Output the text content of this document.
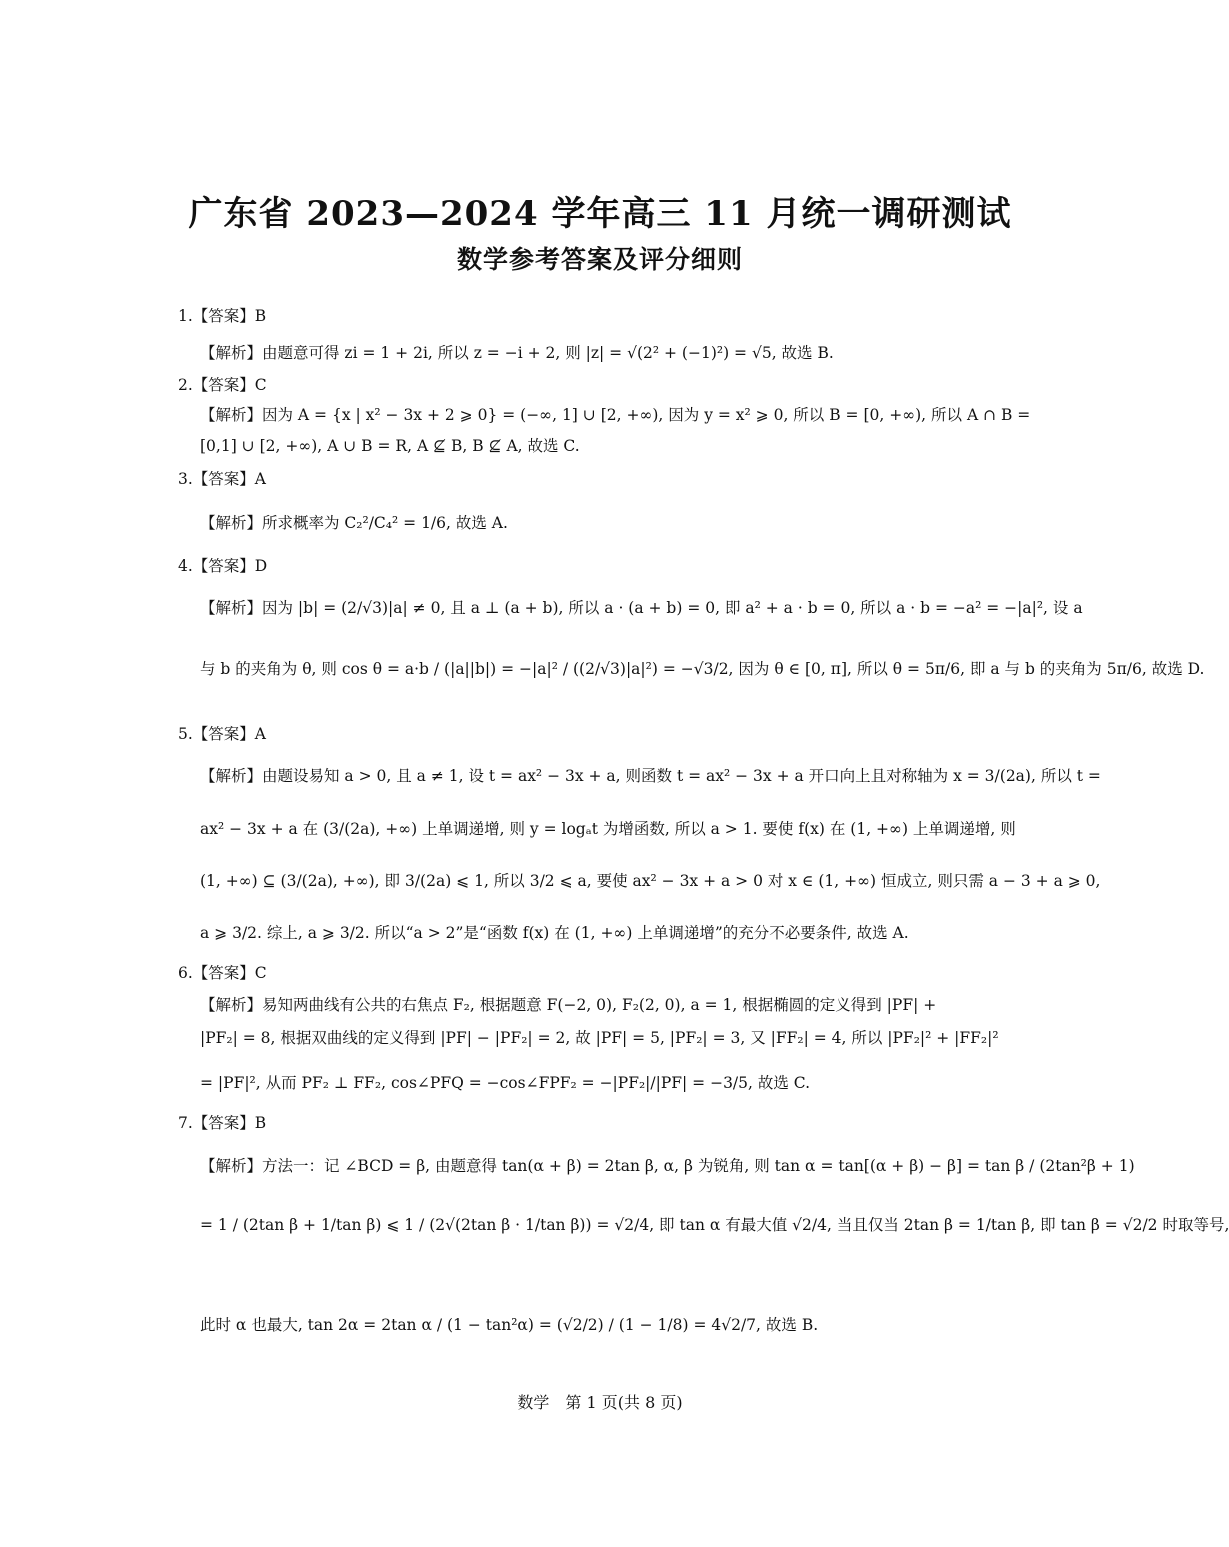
广东省 2023—2024 学年高三 11 月统一调研测试
数学参考答案及评分细则
1.【答案】B
【解析】由题意可得 zi = 1 + 2i, 所以 z = −i + 2, 则 |z| = √(2² + (−1)²) = √5, 故选 B.
2.【答案】C
【解析】因为 A = {x | x² − 3x + 2 ⩾ 0} = (−∞, 1] ∪ [2, +∞), 因为 y = x² ⩾ 0, 所以 B = [0, +∞), 所以 A ∩ B =
[0,1] ∪ [2, +∞), A ∪ B = R, A ⊈ B, B ⊈ A, 故选 C.
3.【答案】A
【解析】所求概率为 C₂²/C₄² = 1/6, 故选 A.
4.【答案】D
【解析】因为 |b| = (2/√3)|a| ≠ 0, 且 a ⊥ (a + b), 所以 a · (a + b) = 0, 即 a² + a · b = 0, 所以 a · b = −a² = −|a|², 设 a
与 b 的夹角为 θ, 则 cos θ = a·b / (|a||b|) = −|a|² / ((2/√3)|a|²) = −√3/2, 因为 θ ∈ [0, π], 所以 θ = 5π/6, 即 a 与 b 的夹角为 5π/6, 故选 D.
5.【答案】A
【解析】由题设易知 a > 0, 且 a ≠ 1, 设 t = ax² − 3x + a, 则函数 t = ax² − 3x + a 开口向上且对称轴为 x = 3/(2a), 所以 t =
ax² − 3x + a 在 (3/(2a), +∞) 上单调递增, 则 y = logₐt 为增函数, 所以 a > 1. 要使 f(x) 在 (1, +∞) 上单调递增, 则
(1, +∞) ⊆ (3/(2a), +∞), 即 3/(2a) ⩽ 1, 所以 3/2 ⩽ a, 要使 ax² − 3x + a > 0 对 x ∈ (1, +∞) 恒成立, 则只需 a − 3 + a ⩾ 0,
a ⩾ 3/2. 综上, a ⩾ 3/2. 所以“a > 2”是“函数 f(x) 在 (1, +∞) 上单调递增”的充分不必要条件, 故选 A.
6.【答案】C
【解析】易知两曲线有公共的右焦点 F₂, 根据题意 F(−2, 0), F₂(2, 0), a = 1, 根据椭圆的定义得到 |PF| +
|PF₂| = 8, 根据双曲线的定义得到 |PF| − |PF₂| = 2, 故 |PF| = 5, |PF₂| = 3, 又 |FF₂| = 4, 所以 |PF₂|² + |FF₂|²
= |PF|², 从而 PF₂ ⊥ FF₂, cos∠PFQ = −cos∠FPF₂ = −|PF₂|/|PF| = −3/5, 故选 C.
7.【答案】B
【解析】方法一：记 ∠BCD = β, 由题意得 tan(α + β) = 2tan β, α, β 为锐角, 则 tan α = tan[(α + β) − β] = tan β / (2tan²β + 1)
= 1 / (2tan β + 1/tan β) ⩽ 1 / (2√(2tan β · 1/tan β)) = √2/4, 即 tan α 有最大值 √2/4, 当且仅当 2tan β = 1/tan β, 即 tan β = √2/2 时取等号,
此时 α 也最大, tan 2α = 2tan α / (1 − tan²α) = (√2/2) / (1 − 1/8) = 4√2/7, 故选 B.
数学　第 1 页(共 8 页)
